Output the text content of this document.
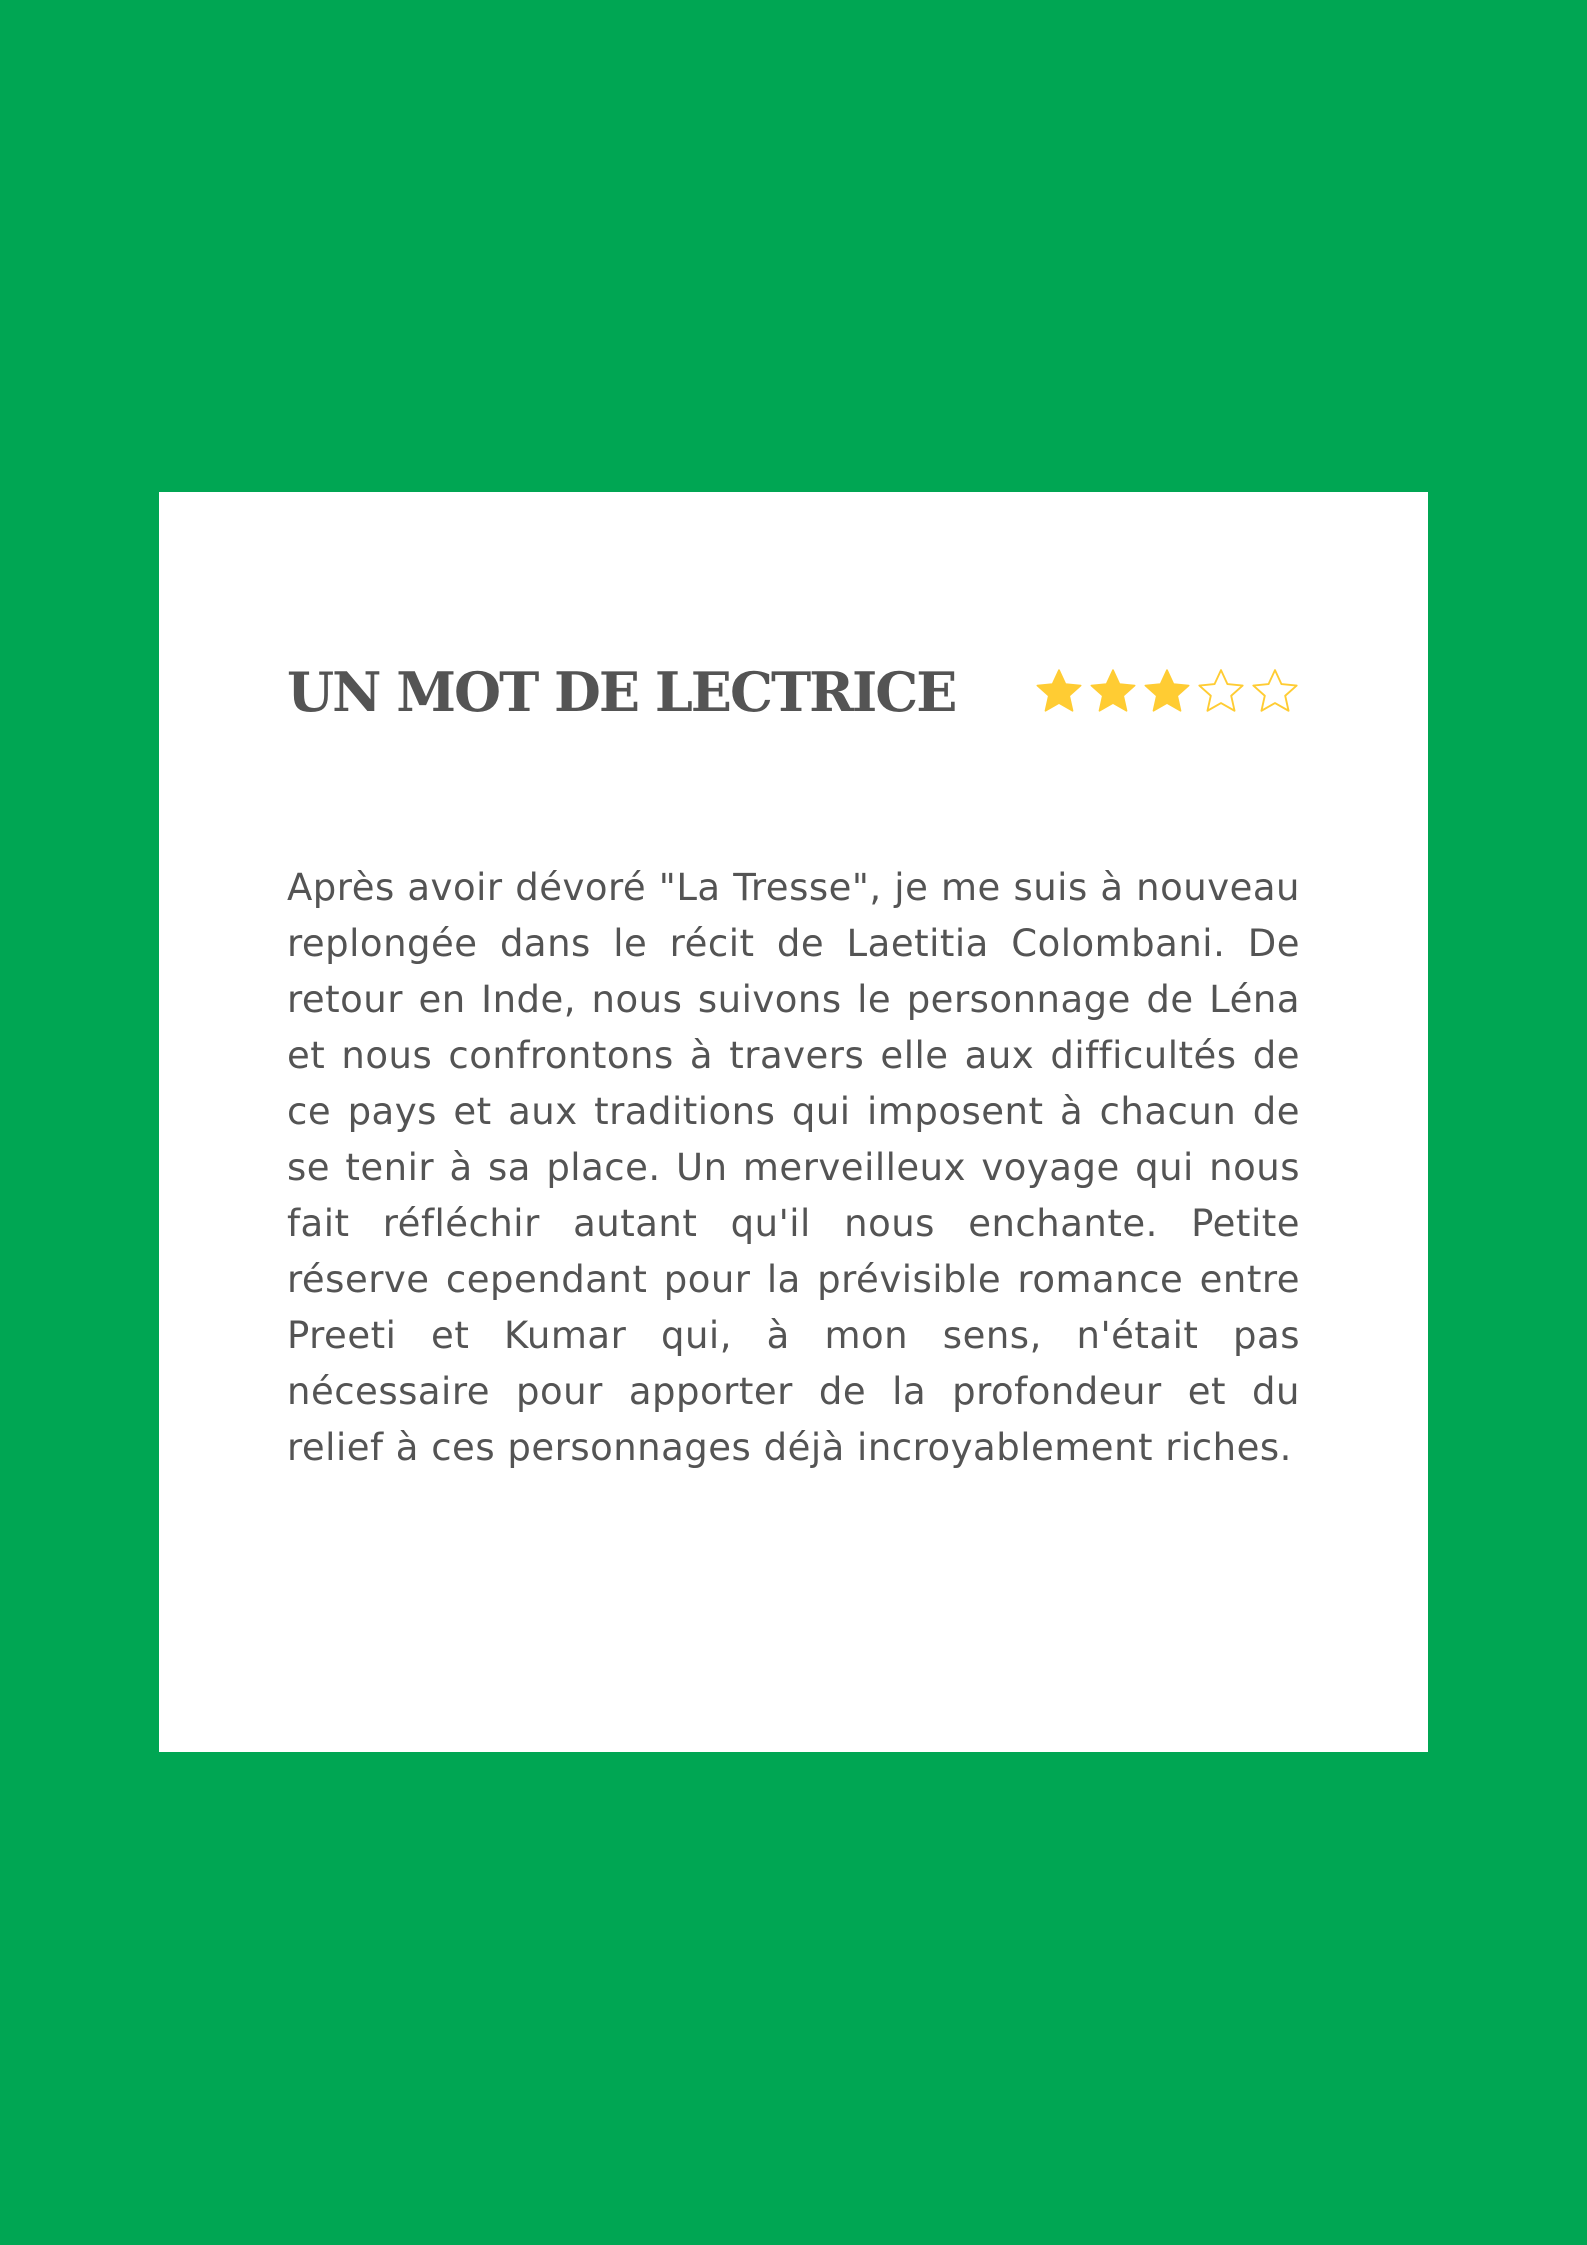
UN MOT DE LECTRICE

Après avoir dévoré "La Tresse", je me suis à nouveau replongée dans le récit de Laetitia Colombani. De retour en Inde, nous suivons le personnage de Léna et nous confrontons à travers elle aux difficultés de ce pays et aux traditions qui imposent à chacun de se tenir à sa place. Un merveilleux voyage qui nous fait réfléchir autant qu'il nous enchante. Petite réserve cependant pour la prévisible romance entre Preeti et Kumar qui, à mon sens, n'était pas nécessaire pour apporter de la profondeur et du relief à ces personnages déjà incroyablement riches.
